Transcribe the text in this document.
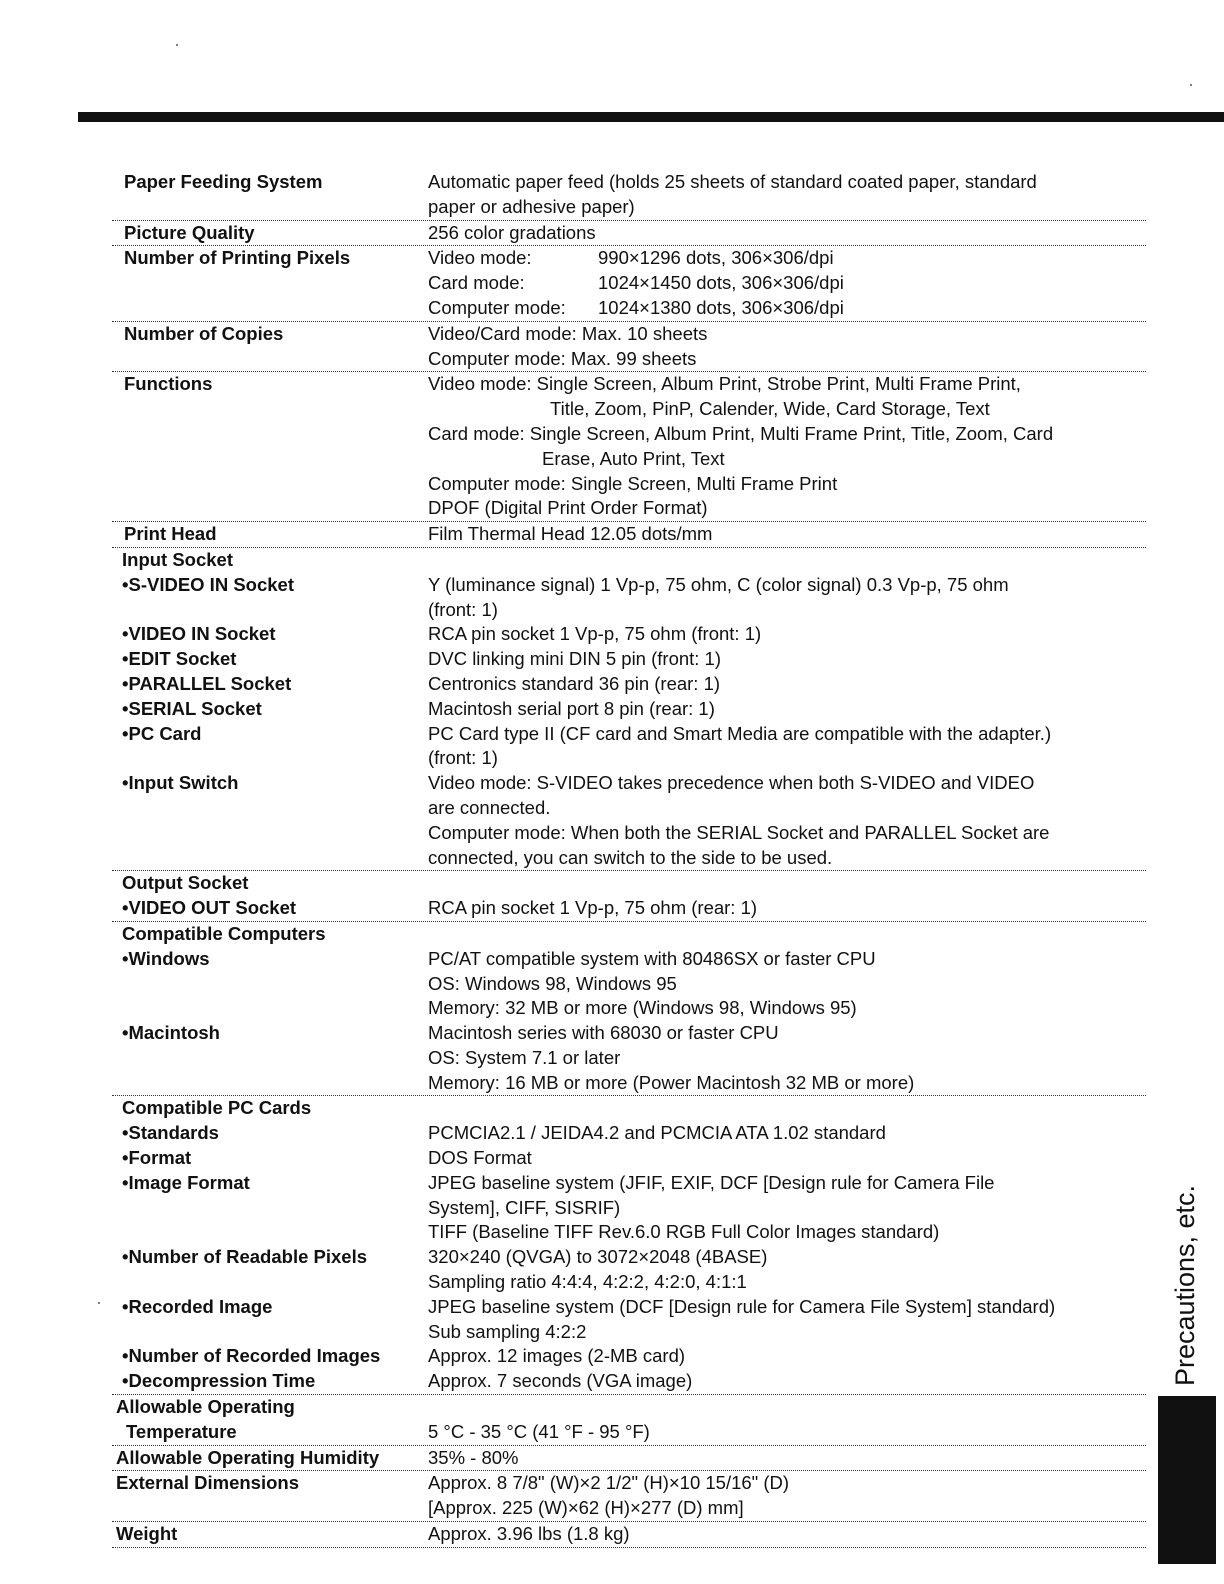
Paper Feeding System	Automatic paper feed (holds 25 sheets of standard coated paper, standard
paper or adhesive paper)
Picture Quality	256 color gradations
Number of Printing Pixels	Video mode:	990×1296 dots, 306×306/dpi
Card mode:	1024×1450 dots, 306×306/dpi
Computer mode: 1024×1380 dots, 306×306/dpi
Number of Copies	Video/Card mode: Max. 10 sheets
Computer mode: Max. 99 sheets
Functions	Video mode: Single Screen, Album Print, Strobe Print, Multi Frame Print,
Title, Zoom, PinP, Calender, Wide, Card Storage, Text
Card mode: Single Screen, Album Print, Multi Frame Print, Title, Zoom, Card
Erase, Auto Print, Text
Computer mode: Single Screen, Multi Frame Print
DPOF (Digital Print Order Format)
Print Head	Film Thermal Head 12.05 dots/mm
Input Socket
•S-VIDEO IN Socket	Y (luminance signal) 1 Vp-p, 75 ohm, C (color signal) 0.3 Vp-p, 75 ohm
(front: 1)
•VIDEO IN Socket	RCA pin socket 1 Vp-p, 75 ohm (front: 1)
•EDIT Socket	DVC linking mini DIN 5 pin (front: 1)
•PARALLEL Socket	Centronics standard 36 pin (rear: 1)
•SERIAL Socket	Macintosh serial port 8 pin (rear: 1)
•PC Card	PC Card type II (CF card and Smart Media are compatible with the adapter.)
(front: 1)
•Input Switch	Video mode: S-VIDEO takes precedence when both S-VIDEO and VIDEO
are connected.
Computer mode: When both the SERIAL Socket and PARALLEL Socket are
connected, you can switch to the side to be used.
Output Socket
•VIDEO OUT Socket	RCA pin socket 1 Vp-p, 75 ohm (rear: 1)
Compatible Computers
•Windows	PC/AT compatible system with 80486SX or faster CPU
OS: Windows 98, Windows 95
Memory: 32 MB or more (Windows 98, Windows 95)
•Macintosh	Macintosh series with 68030 or faster CPU
OS: System 7.1 or later
Memory: 16 MB or more (Power Macintosh 32 MB or more)
Compatible PC Cards
•Standards	PCMCIA2.1 / JEIDA4.2 and PCMCIA ATA 1.02 standard
•Format	DOS Format
•Image Format	JPEG baseline system (JFIF, EXIF, DCF [Design rule for Camera File
System], CIFF, SISRIF)
TIFF (Baseline TIFF Rev.6.0 RGB Full Color Images standard)
•Number of Readable Pixels	320×240 (QVGA) to 3072×2048 (4BASE)
Sampling ratio 4:4:4, 4:2:2, 4:2:0, 4:1:1
•Recorded Image	JPEG baseline system (DCF [Design rule for Camera File System] standard)
Sub sampling 4:2:2
•Number of Recorded Images	Approx. 12 images (2-MB card)
•Decompression Time	Approx. 7 seconds (VGA image)
Allowable Operating
Temperature	5 °C - 35 °C (41 °F - 95 °F)
Allowable Operating Humidity	35% - 80%
External Dimensions	Approx. 8 7/8" (W)×2 1/2" (H)×10 15/16" (D)
[Approx. 225 (W)×62 (H)×277 (D) mm]
Weight	Approx. 3.96 lbs (1.8 kg)
Precautions, etc.
